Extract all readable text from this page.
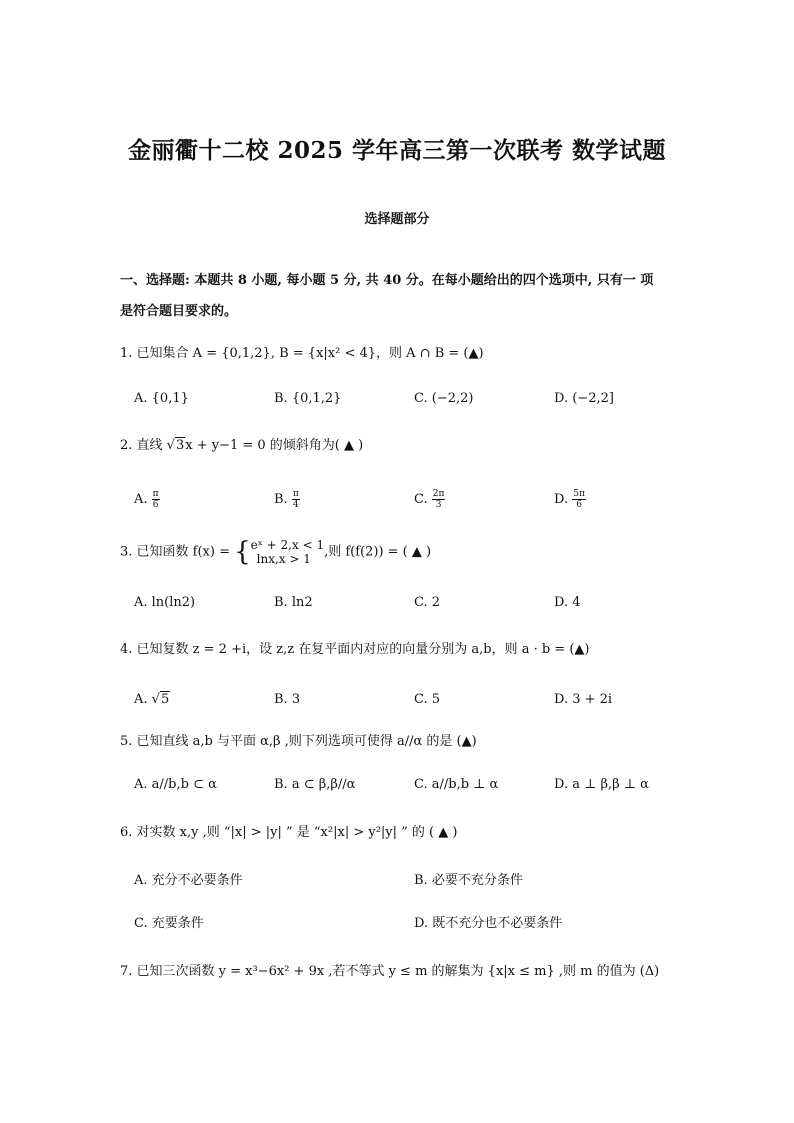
金丽衢十二校 2025 学年高三第一次联考 数学试题
选择题部分
一、选择题: 本题共 8 小题, 每小题 5 分, 共 40 分。在每小题给出的四个选项中, 只有一 项
是符合题目要求的。
1. 已知集合 A = {0,1,2}, B = {x|x² < 4}，则 A ∩ B = (▲)
A. {0,1}	B. {0,1,2}	C. (−2,2)	D. (−2,2]
2. 直线 √3x + y−1 = 0 的倾斜角为( ▲ )
A. $\frac{\pi}{6}$	B. $\frac{\pi}{4}$	C. $\frac{2\pi}{3}$	D. $\frac{5\pi}{6}$
3. 已知函数 f(x) = { eˣ + 2,x < 1
lnx,x > 1	,则 f(f(2)) = ( ▲ )
A. ln(ln2)	B. ln2	C. 2	D. 4
4. 已知复数 z = 2 +i，设 z,z 在复平面内对应的向量分别为 a,b，则 a · b = (▲)
A. √5	B. 3	C. 5	D. 3 + 2i
5. 已知直线 a,b 与平面 α,β ,则下列选项可使得 a//α 的是 (▲)
A. a//b,b ⊂ α	B. a ⊂ β,β//α	C. a//b,b ⊥ α	D. a ⊥ β,β ⊥ α
6. 对实数 x,y ,则 “|x| > |y| ” 是 “x²|x| > y²|y| ” 的 ( ▲ )
A. 充分不必要条件	B. 必要不充分条件
C. 充要条件	D. 既不充分也不必要条件
7. 已知三次函数 y = x³−6x² + 9x ,若不等式 y ≤ m 的解集为 {x|x ≤ m} ,则 m 的值为 (Δ)
